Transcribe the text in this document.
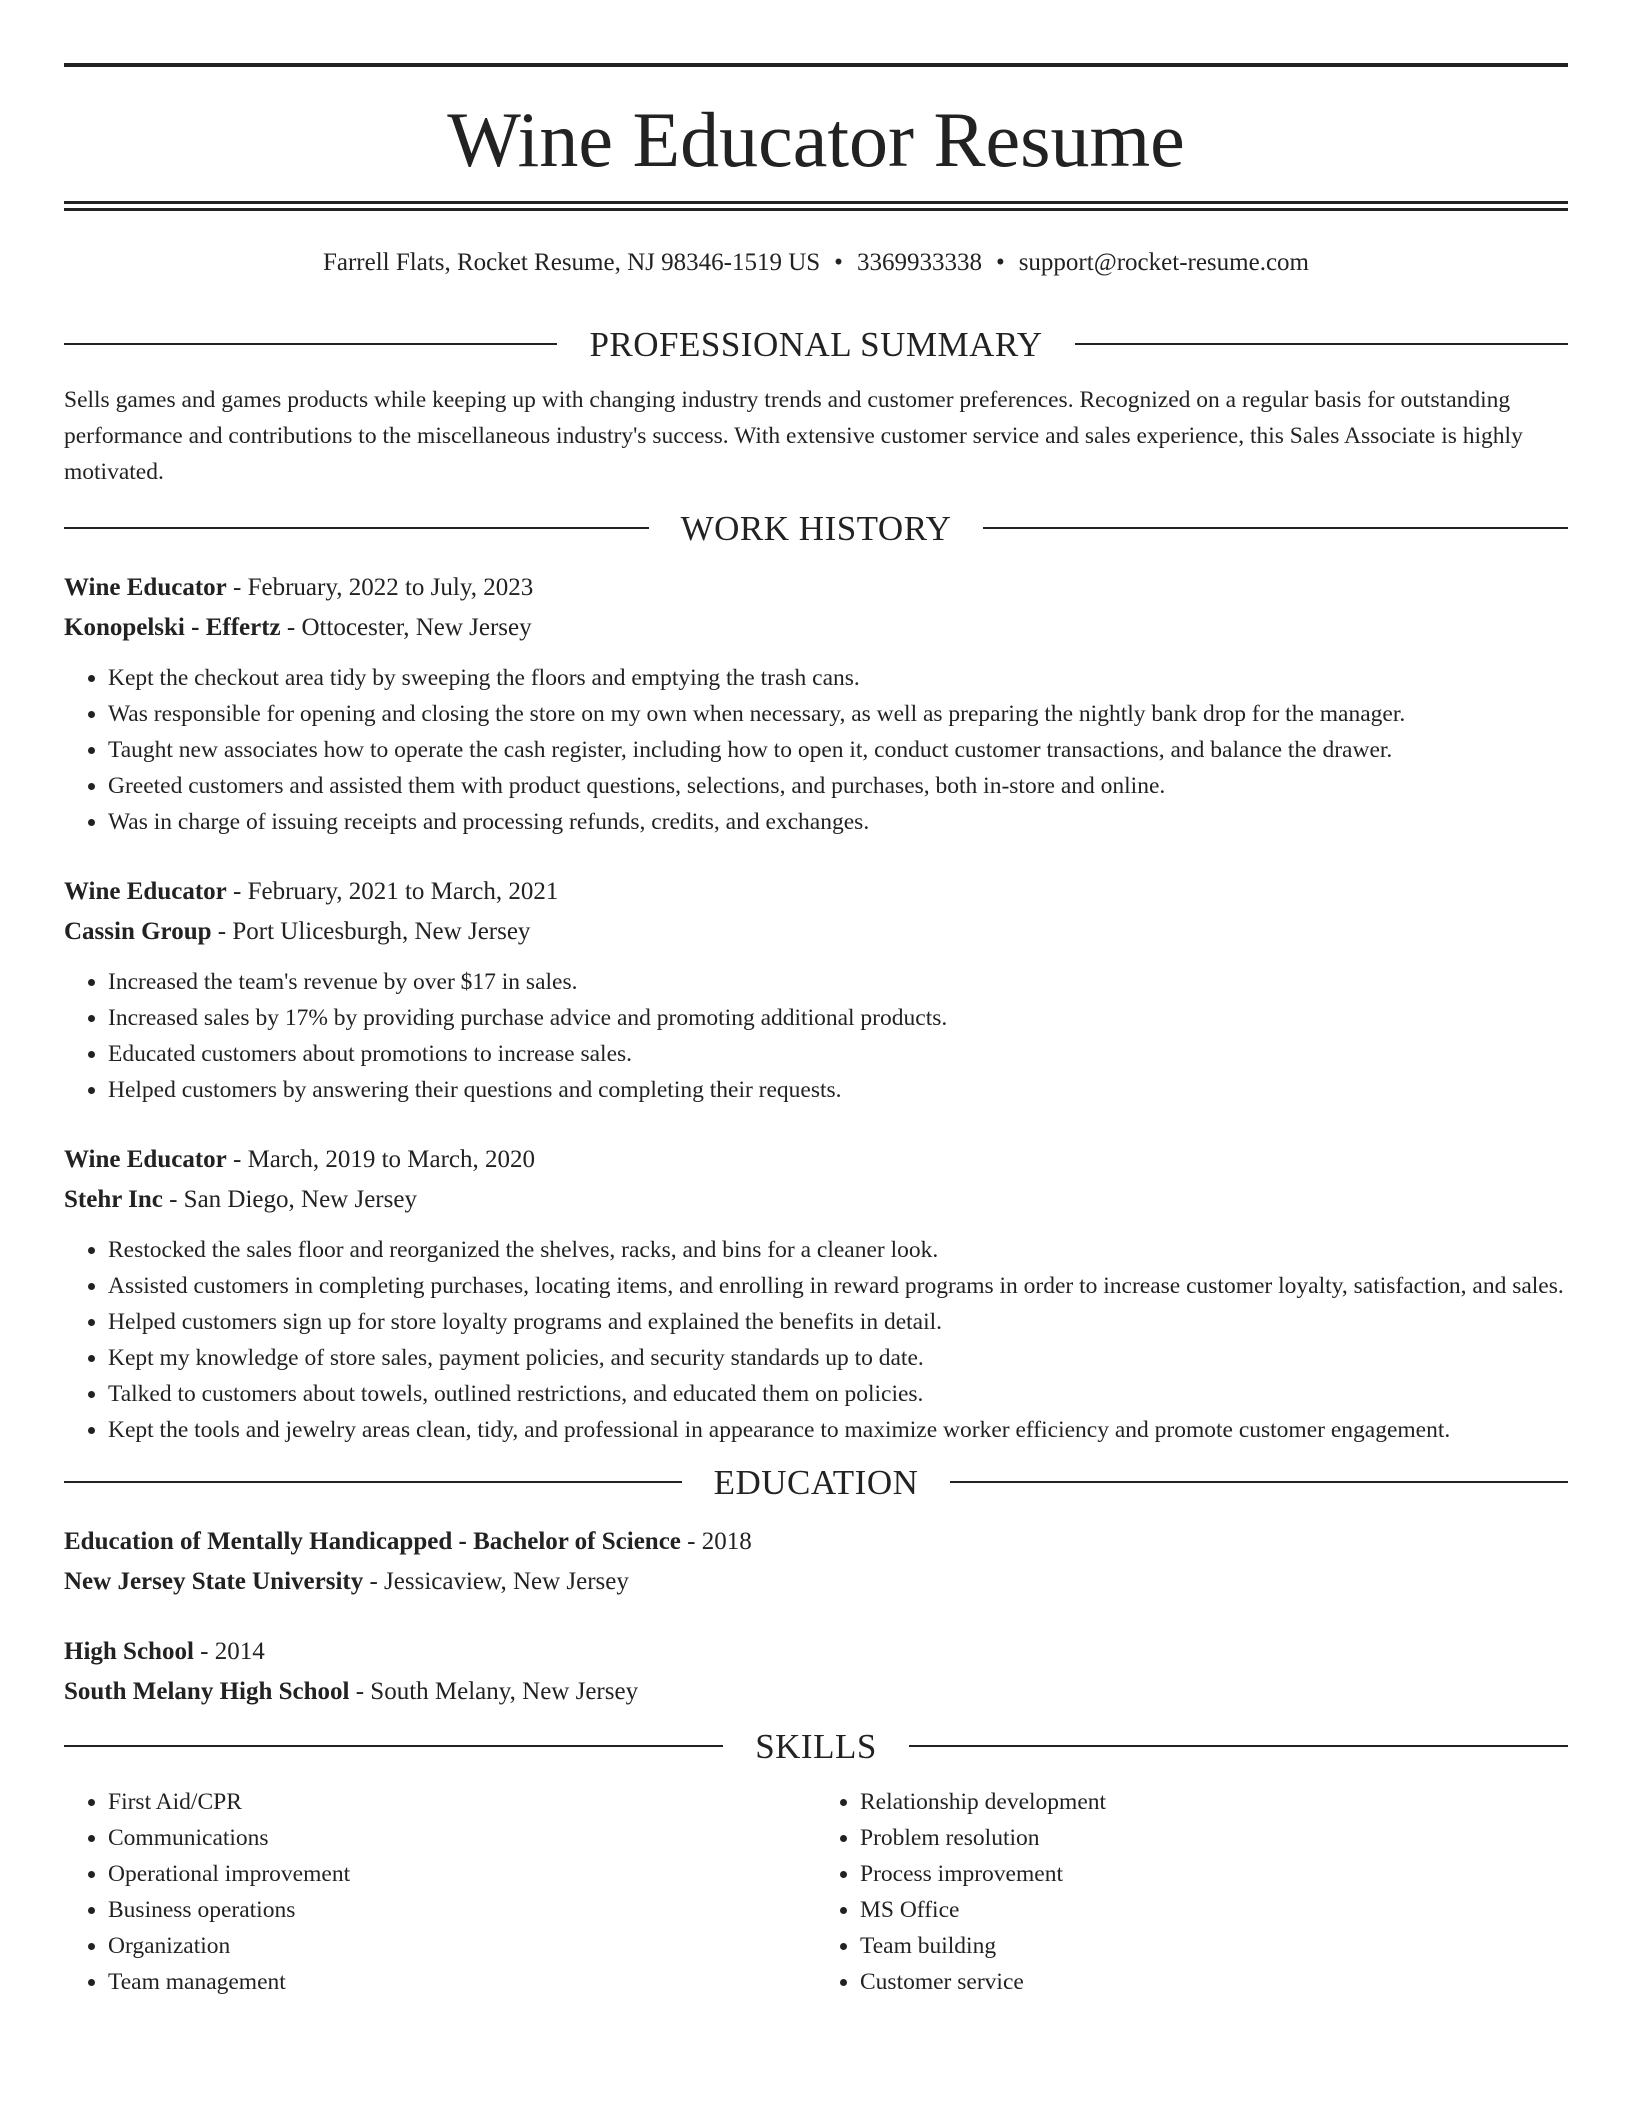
Wine Educator Resume
Farrell Flats, Rocket Resume, NJ 98346-1519 US • 3369933338 • support@rocket-resume.com
PROFESSIONAL SUMMARY

Sells games and games products while keeping up with changing industry trends and customer preferences. Recognized on a regular basis for outstanding performance and contributions to the miscellaneous industry's success. With extensive customer service and sales experience, this Sales Associate is highly motivated.

WORK HISTORY

Wine Educator - February, 2022 to July, 2023

Konopelski - Effertz - Ottocester, New Jersey

• Kept the checkout area tidy by sweeping the floors and emptying the trash cans.
• Was responsible for opening and closing the store on my own when necessary, as well as preparing the nightly bank drop for the manager.
• Taught new associates how to operate the cash register, including how to open it, conduct customer transactions, and balance the drawer.
• Greeted customers and assisted them with product questions, selections, and purchases, both in-store and online.
• Was in charge of issuing receipts and processing refunds, credits, and exchanges.

Wine Educator - February, 2021 to March, 2021

Cassin Group - Port Ulicesburgh, New Jersey

• Increased the team's revenue by over $17 in sales.
• Increased sales by 17% by providing purchase advice and promoting additional products.
• Educated customers about promotions to increase sales.
• Helped customers by answering their questions and completing their requests.

Wine Educator - March, 2019 to March, 2020

Stehr Inc - San Diego, New Jersey

• Restocked the sales floor and reorganized the shelves, racks, and bins for a cleaner look.
• Assisted customers in completing purchases, locating items, and enrolling in reward programs in order to increase customer loyalty, satisfaction, and sales.
• Helped customers sign up for store loyalty programs and explained the benefits in detail.
• Kept my knowledge of store sales, payment policies, and security standards up to date.
• Talked to customers about towels, outlined restrictions, and educated them on policies.
• Kept the tools and jewelry areas clean, tidy, and professional in appearance to maximize worker efficiency and promote customer engagement.
EDUCATION

Education of Mentally Handicapped - Bachelor of Science - 2018

New Jersey State University - Jessicaview, New Jersey

High School - 2014

South Melany High School - South Melany, New Jersey

SKILLS
• First Aid/CPR
• Communications
• Operational improvement
• Business operations
• Organization
• Team management
• Relationship development
• Problem resolution
• Process improvement
• MS Office
• Team building
• Customer service
